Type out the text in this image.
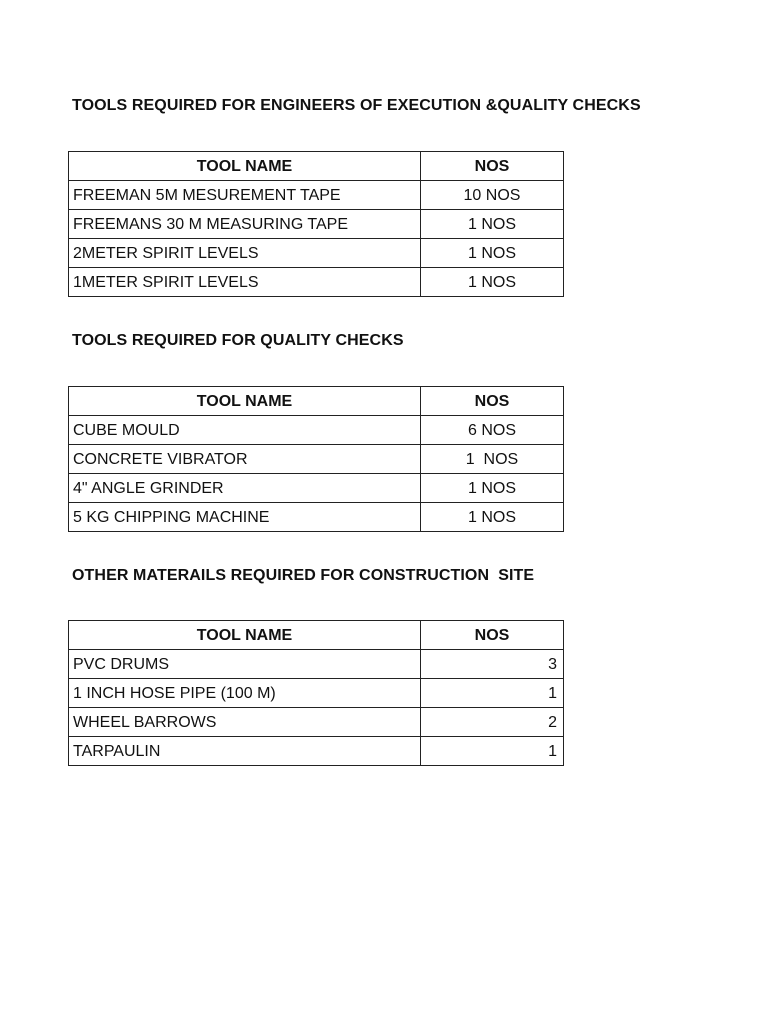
TOOLS REQUIRED FOR ENGINEERS OF EXECUTION &QUALITY CHECKS
TOOL NAME	NOS
FREEMAN 5M MESUREMENT TAPE	10 NOS
FREEMANS 30 M MEASURING TAPE	1 NOS
2METER SPIRIT LEVELS	1 NOS
1METER SPIRIT LEVELS	1 NOS
TOOLS REQUIRED FOR QUALITY CHECKS
TOOL NAME	NOS
CUBE MOULD	6 NOS
CONCRETE VIBRATOR	1  NOS
4" ANGLE GRINDER	1 NOS
5 KG CHIPPING MACHINE	1 NOS
OTHER MATERAILS REQUIRED FOR CONSTRUCTION  SITE
TOOL NAME	NOS
PVC DRUMS	3
1 INCH HOSE PIPE (100 M)	1
WHEEL BARROWS	2
TARPAULIN	1
